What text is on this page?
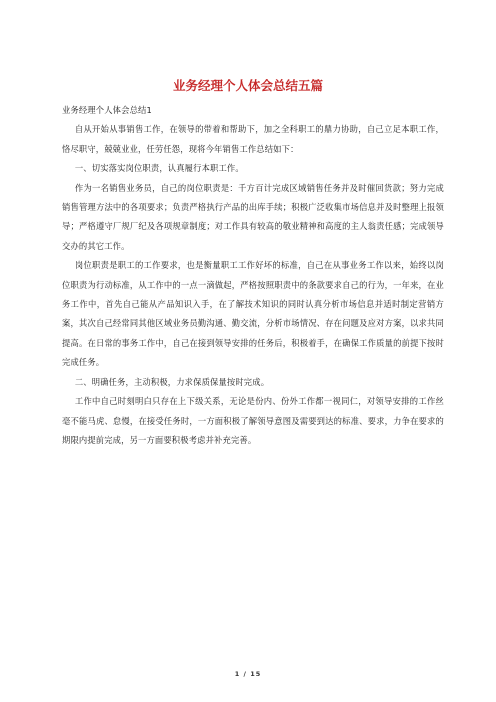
业务经理个人体会总结五篇

业务经理个人体会总结1

自从开始从事销售工作，在领导的带着和帮助下，加之全科职工的鼎力协助，自己立足本职工作，恪尽职守，兢兢业业，任劳任怨，现将今年销售工作总结如下：

一、切实落实岗位职责，认真履行本职工作。

作为一名销售业务员，自己的岗位职责是：千方百计完成区域销售任务并及时催回货款；努力完成销售管理方法中的各项要求；负责严格执行产品的出库手续；积极广泛收集市场信息并及时整理上报领导；严格遵守厂规厂纪及各项规章制度；对工作具有较高的敬业精神和高度的主人翁责任感；完成领导交办的其它工作。

岗位职责是职工的工作要求，也是衡量职工工作好坏的标准，自己在从事业务工作以来，始终以岗位职责为行动标准，从工作中的一点一滴做起，严格按照职责中的条款要求自己的行为，一年来，在业务工作中，首先自己能从产品知识入手，在了解技术知识的同时认真分析市场信息并适时制定营销方案，其次自己经常同其他区域业务员勤沟通、勤交流，分析市场情况、存在问题及应对方案，以求共同提高。在日常的事务工作中，自己在接到领导安排的任务后，积极着手，在确保工作质量的前提下按时完成任务。

二、明确任务，主动积极，力求保质保量按时完成。

工作中自己时刻明白只存在上下级关系，无论是份内、份外工作都一视同仁，对领导安排的工作丝毫不能马虎、怠慢，在接受任务时，一方面积极了解领导意图及需要到达的标准、要求，力争在要求的期限内提前完成，另一方面要积极考虑并补充完善。

1 / 15
